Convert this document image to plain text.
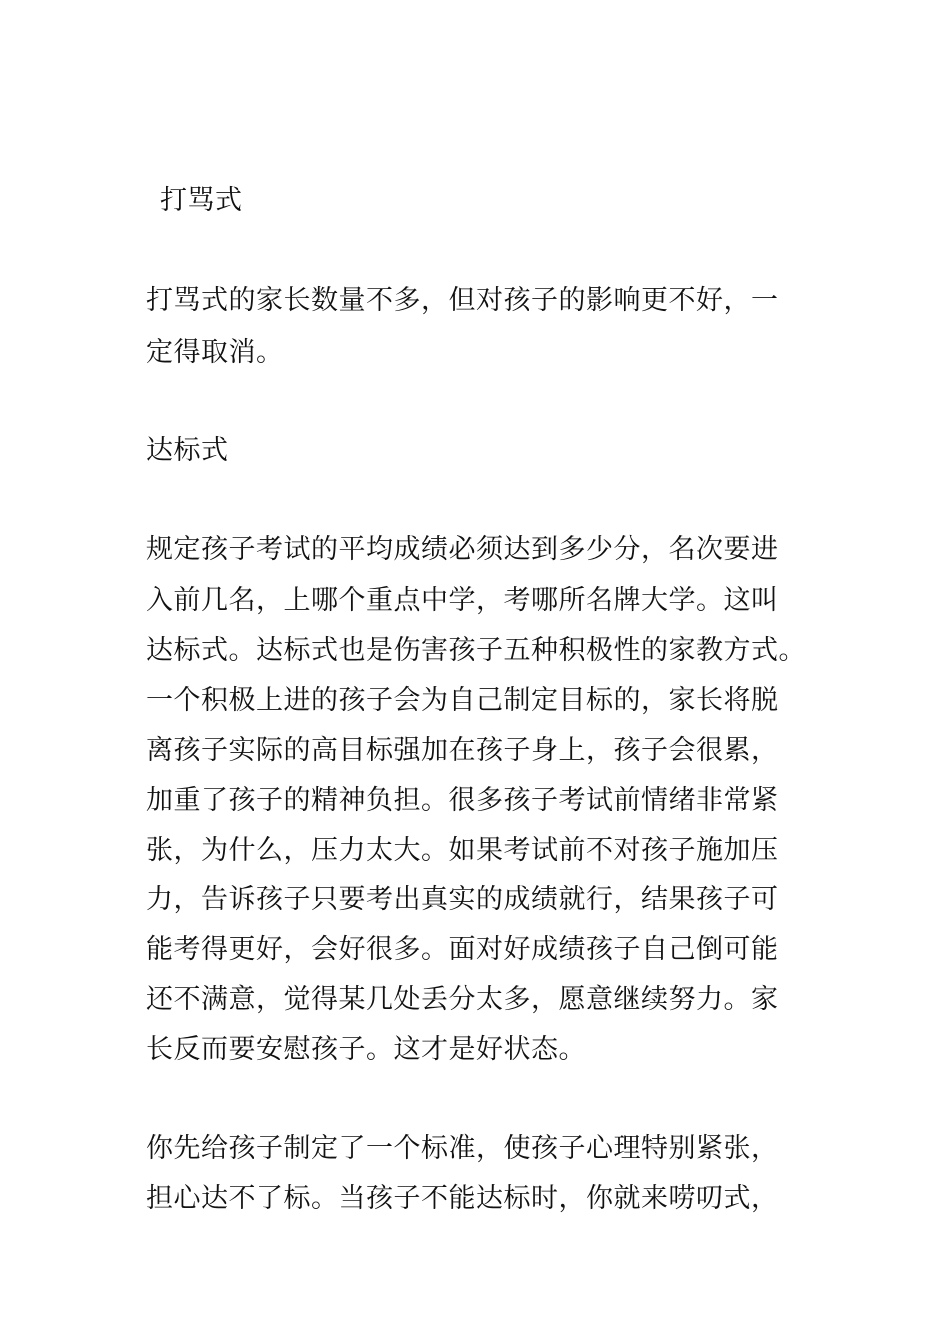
打骂式
打骂式的家长数量不多，但对孩子的影响更不好，一
定得取消。
达标式
规定孩子考试的平均成绩必须达到多少分，名次要进
入前几名，上哪个重点中学，考哪所名牌大学。这叫
达标式。达标式也是伤害孩子五种积极性的家教方式。
一个积极上进的孩子会为自己制定目标的，家长将脱
离孩子实际的高目标强加在孩子身上，孩子会很累，
加重了孩子的精神负担。很多孩子考试前情绪非常紧
张，为什么，压力太大。如果考试前不对孩子施加压
力，告诉孩子只要考出真实的成绩就行，结果孩子可
能考得更好，会好很多。面对好成绩孩子自己倒可能
还不满意，觉得某几处丢分太多，愿意继续努力。家
长反而要安慰孩子。这才是好状态。
你先给孩子制定了一个标准，使孩子心理特别紧张，
担心达不了标。当孩子不能达标时，你就来唠叨式，
